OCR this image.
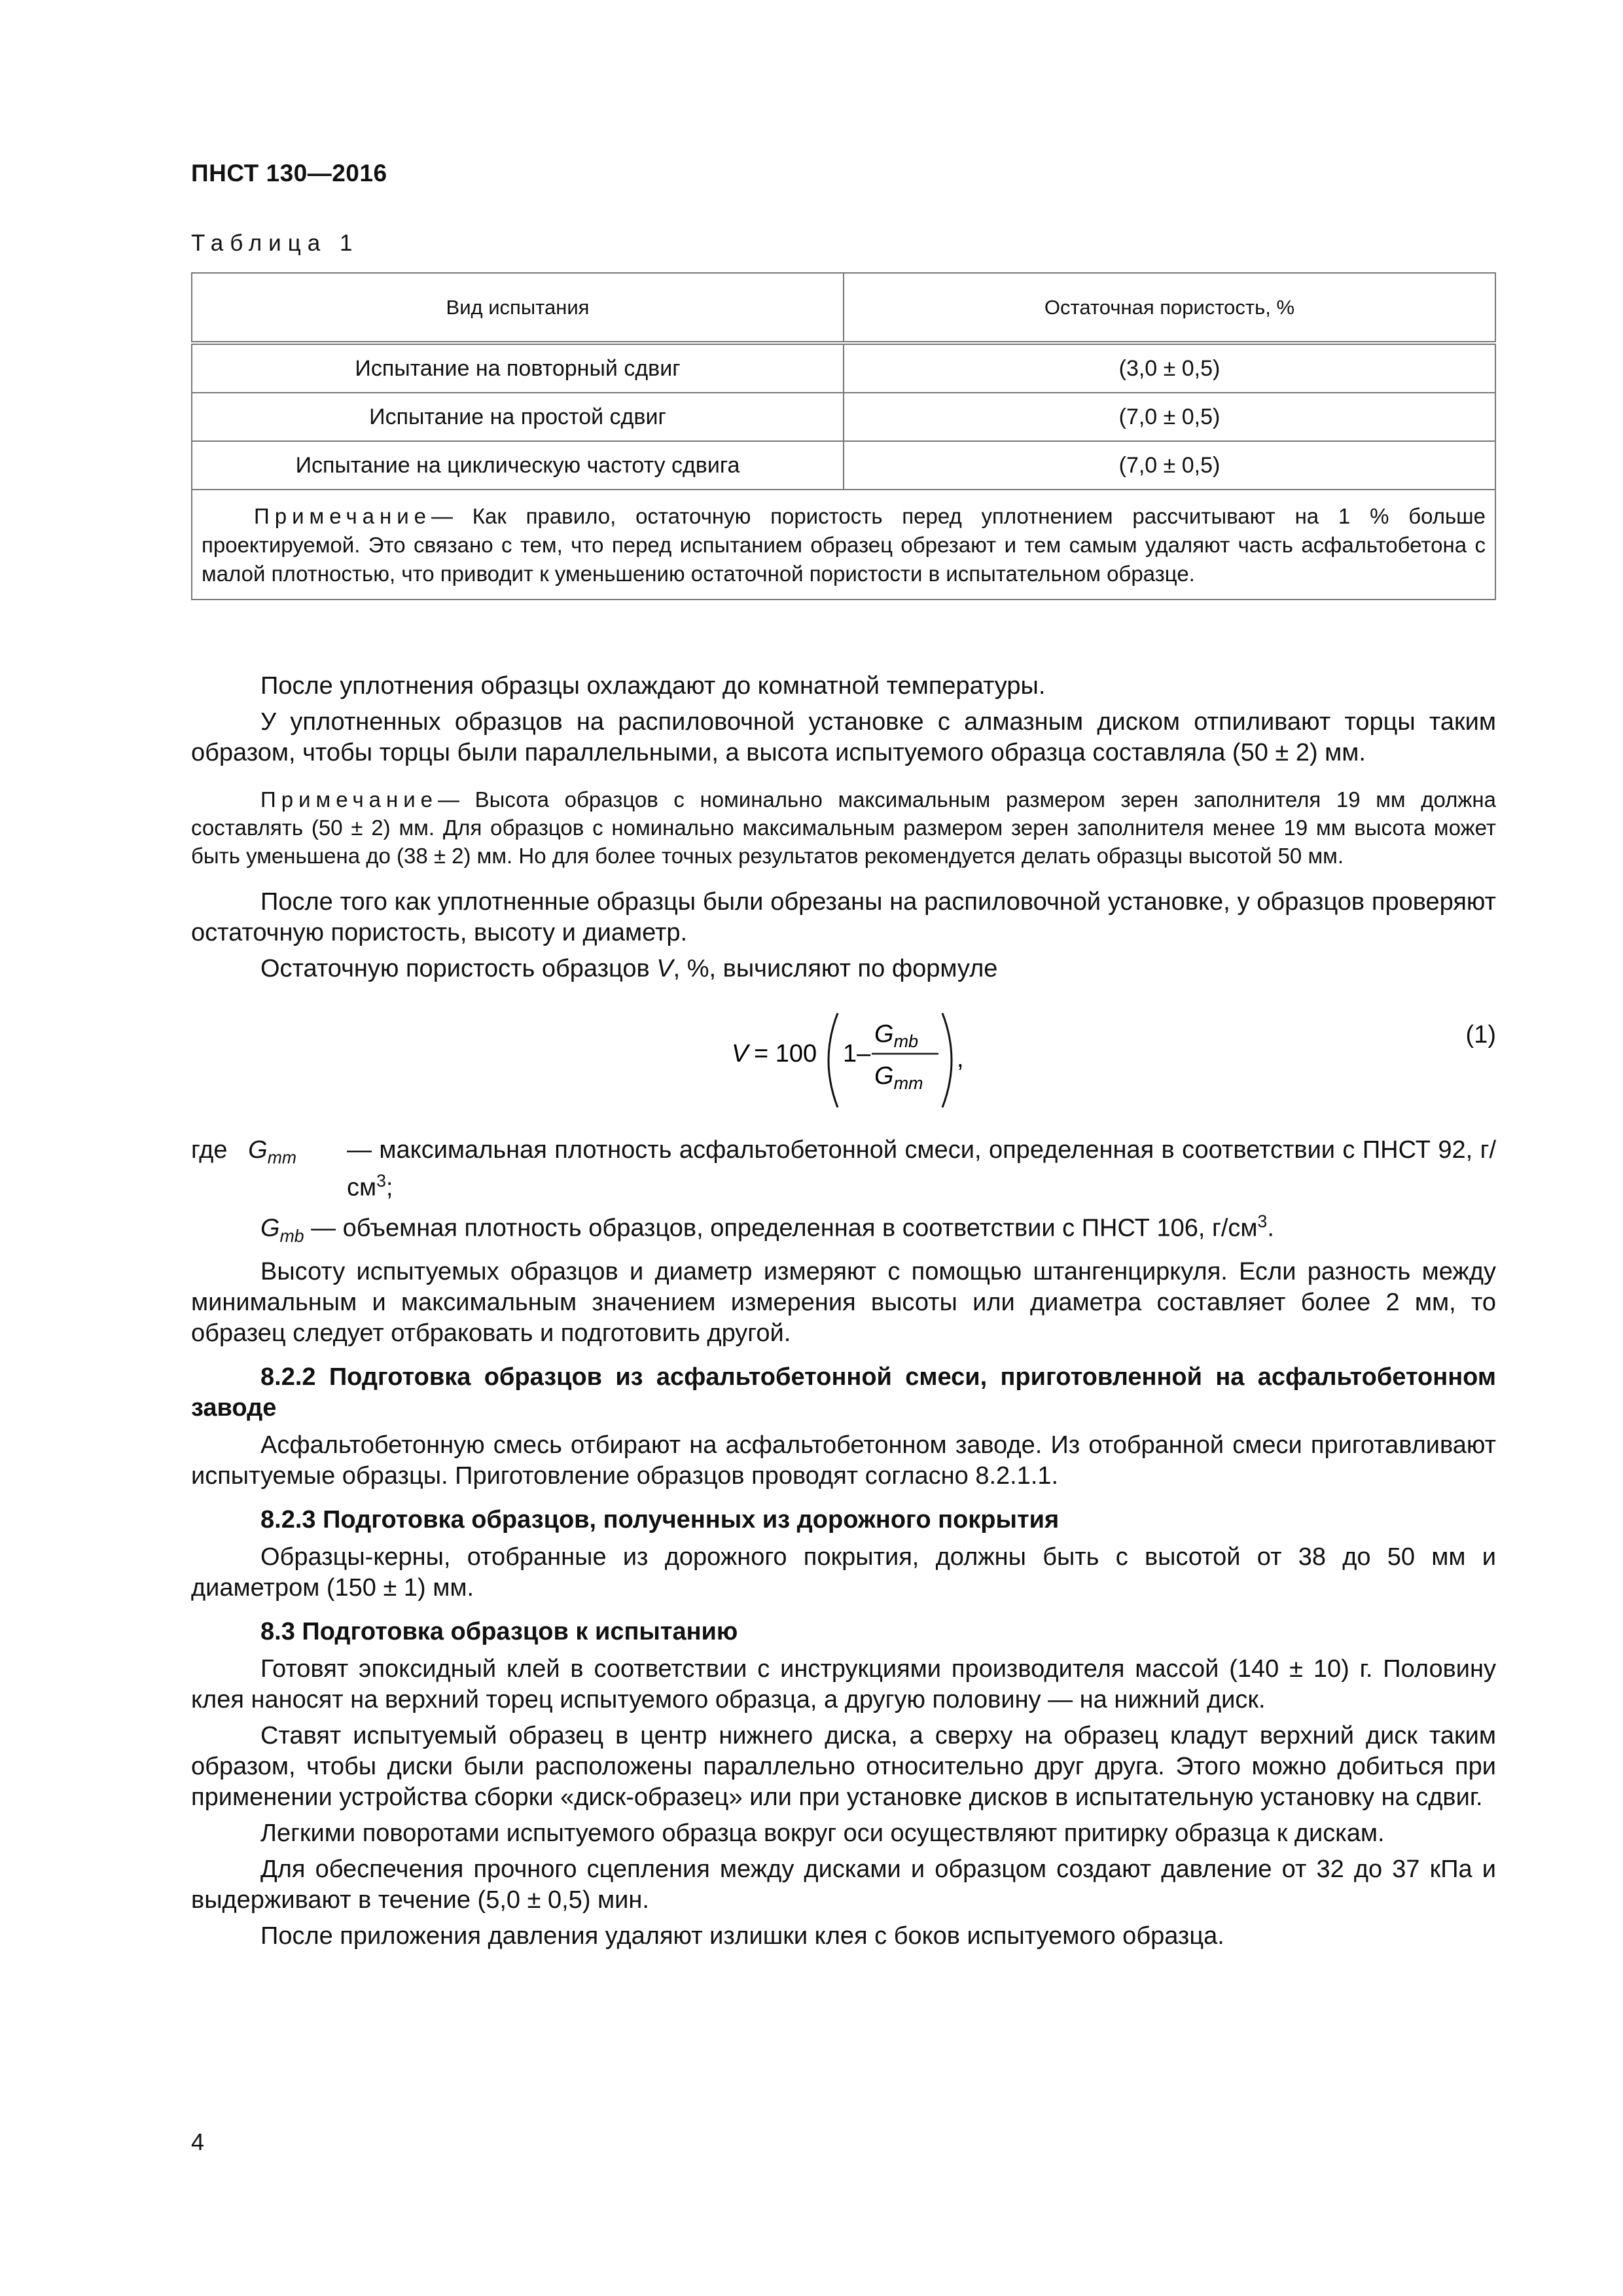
ПНСТ 130—2016
Таблица 1
Вид испытания	Остаточная пористость, %
Испытание на повторный сдвиг	(3,0 ± 0,5)
Испытание на простой сдвиг	(7,0 ± 0,5)
Испытание на циклическую частоту сдвига	(7,0 ± 0,5)
Примечание— Как правило, остаточную пористость перед уплотнением рассчитывают на 1 % больше проектируемой. Это связано с тем, что перед испытанием образец обрезают и тем самым удаляют часть асфальтобетона с малой плотностью, что приводит к уменьшению остаточной пористости в испытательном образце.	

После уплотнения образцы охлаждают до комнатной температуры.

У уплотненных образцов на распиловочной установке с алмазным диском отпиливают торцы таким образом, чтобы торцы были параллельными, а высота испытуемого образца составляла (50 ± 2) мм.

Примечание— Высота образцов с номинально максимальным размером зерен заполнителя 19 мм должна составлять (50 ± 2) мм. Для образцов с номинально максимальным размером зерен заполнителя менее 19 мм высота может быть уменьшена до (38 ± 2) мм. Но для более точных результатов рекомендуется делать образцы высотой 50 мм.

После того как уплотненные образцы были обрезаны на распиловочной установке, у образцов проверяют остаточную пористость, высоту и диаметр.

Остаточную пористость образцов V, %, вычисляют по формуле

V = 100 1–
$G_{mb}$
$G_{mm}$
,
(1)
где $G_{mm}$ — максимальная плотность асфальтобетонной смеси, определенная в соответствии с ПНСТ 92, $г/см^3$;
$G_{mb}$ — объемная плотность образцов, определенная в соответствии с ПНСТ 106, $г/см^3$.

Высоту испытуемых образцов и диаметр измеряют с помощью штангенциркуля. Если разность между минимальным и максимальным значением измерения высоты или диаметра составляет более 2 мм, то образец следует отбраковать и подготовить другой.

8.2.2 Подготовка образцов из асфальтобетонной смеси, приготовленной на асфальтобетонном заводе

Асфальтобетонную смесь отбирают на асфальтобетонном заводе. Из отобранной смеси приготавливают испытуемые образцы. Приготовление образцов проводят согласно 8.2.1.1.

8.2.3 Подготовка образцов, полученных из дорожного покрытия

Образцы-керны, отобранные из дорожного покрытия, должны быть с высотой от 38 до 50 мм и диаметром (150 ± 1) мм.

8.3 Подготовка образцов к испытанию

Готовят эпоксидный клей в соответствии с инструкциями производителя массой (140 ± 10) г. Половину клея наносят на верхний торец испытуемого образца, а другую половину — на нижний диск.

Ставят испытуемый образец в центр нижнего диска, а сверху на образец кладут верхний диск таким образом, чтобы диски были расположены параллельно относительно друг друга. Этого можно добиться при применении устройства сборки «диск-образец» или при установке дисков в испытательную установку на сдвиг.

Легкими поворотами испытуемого образца вокруг оси осуществляют притирку образца к дискам.

Для обеспечения прочного сцепления между дисками и образцом создают давление от 32 до 37 кПа и выдерживают в течение (5,0 ± 0,5) мин.

После приложения давления удаляют излишки клея с боков испытуемого образца.

4
